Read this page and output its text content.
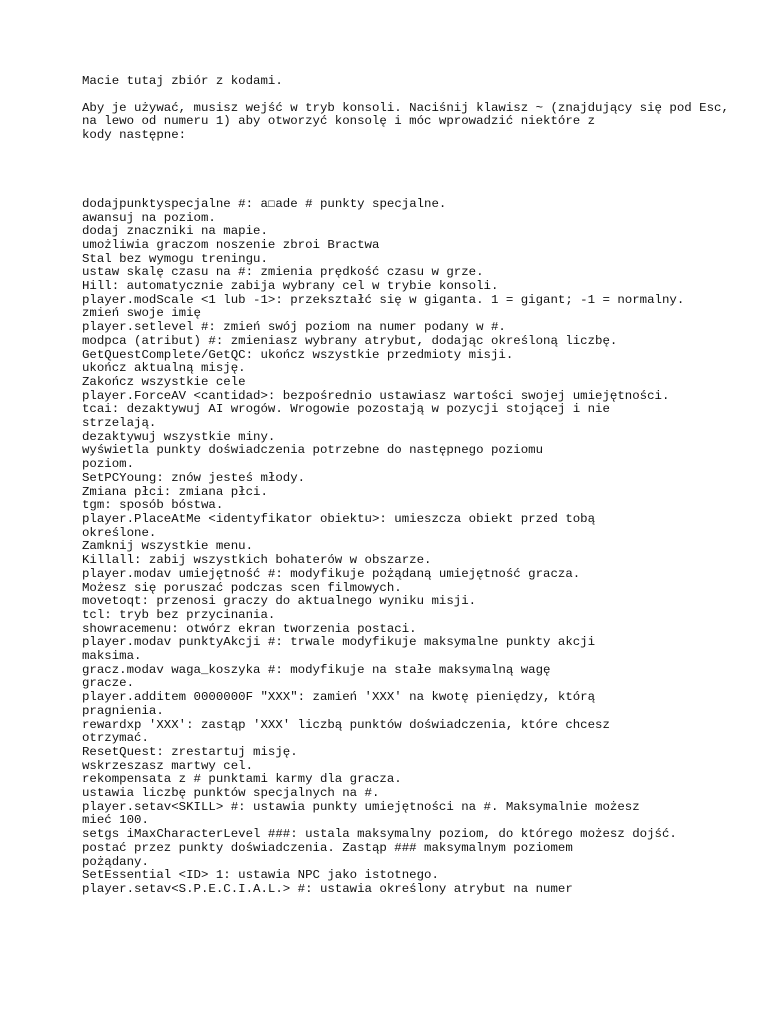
Macie tutaj zbiór z kodami.

Aby je używać, musisz wejść w tryb konsoli. Naciśnij klawisz ~ (znajdujący się pod Esc,

na lewo od numeru 1) aby otworzyć konsolę i móc wprowadzić niektóre z

kody następne:

dodajpunktyspecjalne #: a☐ade # punkty specjalne.

awansuj na poziom.

dodaj znaczniki na mapie.

umożliwia graczom noszenie zbroi Bractwa

Stal bez wymogu treningu.

ustaw skalę czasu na #: zmienia prędkość czasu w grze.

Hill: automatycznie zabija wybrany cel w trybie konsoli.

player.modScale <1 lub -1>: przekształć się w giganta. 1 = gigant; -1 = normalny.

zmień swoje imię

player.setlevel #: zmień swój poziom na numer podany w #.

modpca (atribut) #: zmieniasz wybrany atrybut, dodając określoną liczbę.

GetQuestComplete/GetQC: ukończ wszystkie przedmioty misji.

ukończ aktualną misję.

Zakończ wszystkie cele

player.ForceAV <cantidad>: bezpośrednio ustawiasz wartości swojej umiejętności.

tcai: dezaktywuj AI wrogów. Wrogowie pozostają w pozycji stojącej i nie

strzelają.

dezaktywuj wszystkie miny.

wyświetla punkty doświadczenia potrzebne do następnego poziomu

poziom.

SetPCYoung: znów jesteś młody.

Zmiana płci: zmiana płci.

tgm: sposób bóstwa.

player.PlaceAtMe <identyfikator obiektu>: umieszcza obiekt przed tobą

określone.

Zamknij wszystkie menu.

Killall: zabij wszystkich bohaterów w obszarze.

player.modav umiejętność #: modyfikuje pożądaną umiejętność gracza.

Możesz się poruszać podczas scen filmowych.

movetoqt: przenosi graczy do aktualnego wyniku misji.

tcl: tryb bez przycinania.

showracemenu: otwórz ekran tworzenia postaci.

player.modav punktyAkcji #: trwale modyfikuje maksymalne punkty akcji

maksima.

gracz.modav waga_koszyka #: modyfikuje na stałe maksymalną wagę

gracze.

player.additem 0000000F "XXX": zamień 'XXX' na kwotę pieniędzy, którą

pragnienia.

rewardxp 'XXX': zastąp 'XXX' liczbą punktów doświadczenia, które chcesz

otrzymać.

ResetQuest: zrestartuj misję.

wskrzeszasz martwy cel.

rekompensata z # punktami karmy dla gracza.

ustawia liczbę punktów specjalnych na #.

player.setav<SKILL> #: ustawia punkty umiejętności na #. Maksymalnie możesz

mieć 100.

setgs iMaxCharacterLevel ###: ustala maksymalny poziom, do którego możesz dojść.

postać przez punkty doświadczenia. Zastąp ### maksymalnym poziomem

pożądany.

SetEssential <ID> 1: ustawia NPC jako istotnego.

player.setav<S.P.E.C.I.A.L.> #: ustawia określony atrybut na numer
